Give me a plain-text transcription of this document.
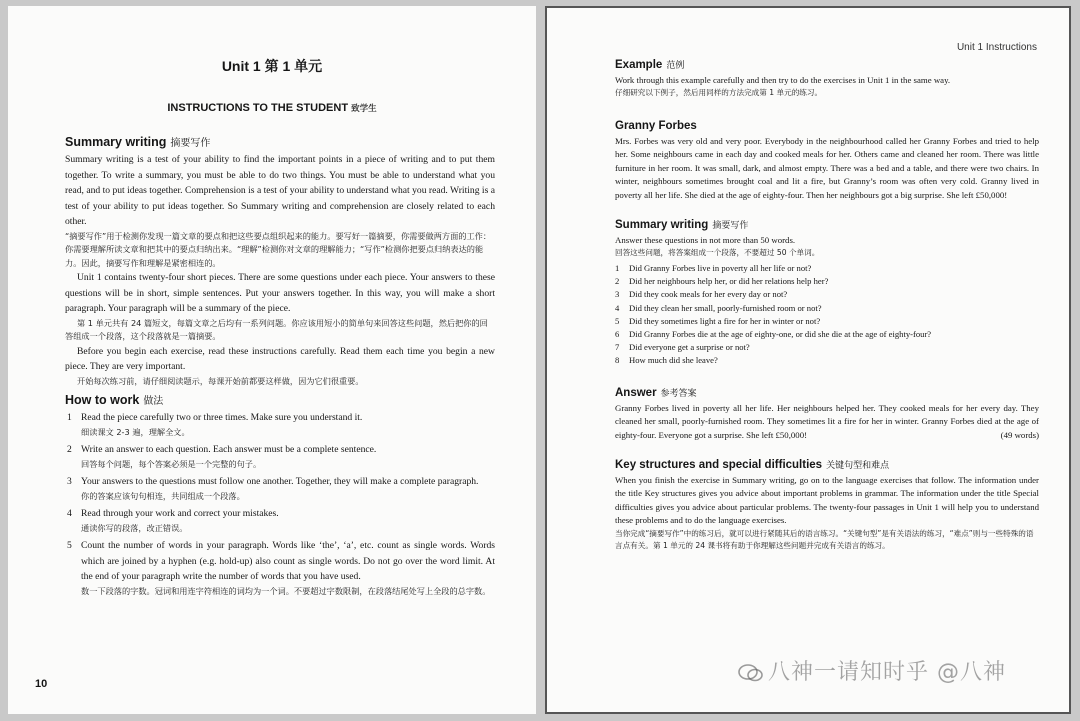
Unit 1 第 1 单元
INSTRUCTIONS TO THE STUDENT 致学生
Summary writing 摘要写作

Summary writing is a test of your ability to find the important points in a piece of writing and to put them together. To write a summary, you must be able to do two things. You must be able to understand what you read, and to put ideas together. Comprehension is a test of your ability to understand what you read. Writing is a test of your ability to put ideas together. So Summary writing and comprehension are closely related to each other.

“摘要写作”用于检测你发现一篇文章的要点和把这些要点组织起来的能力。要写好一篇摘要，你需要做两方面的工作：你需要理解所读文章和把其中的要点归纳出来。“理解”检测你对文章的理解能力；“写作”检测你把要点归纳表达的能力。因此，摘要写作和理解是紧密相连的。

Unit 1 contains twenty-four short pieces. There are some questions under each piece. Your answers to these questions will be in short, simple sentences. Put your answers together. In this way, you will make a short paragraph. Your paragraph will be a summary of the piece.

第 1 单元共有 24 篇短文，每篇文章之后均有一系列问题。你应该用短小的简单句来回答这些问题，然后把你的回答组成一个段落，这个段落就是一篇摘要。

Before you begin each exercise, read these instructions carefully. Read them each time you begin a new piece. They are very important.

开始每次练习前，请仔细阅读题示，每课开始前都要这样做，因为它们很重要。

How to work 做法
1 Read the piece carefully two or three times. Make sure you understand it.

细读课文 2-3 遍，理解全文。

2 Write an answer to each question. Each answer must be a complete sentence.

回答每个问题，每个答案必须是一个完整的句子。

3 Your answers to the questions must follow one another. Together, they will make a complete paragraph.

你的答案应该句句相连，共同组成一个段落。

4 Read through your work and correct your mistakes.

通读你写的段落，改正错误。

5 Count the number of words in your paragraph. Words like ‘the’, ‘a’, etc. count as single words. Words which are joined by a hyphen (e.g. hold-up) also count as single words. Do not go over the word limit. At the end of your paragraph write the number of words that you have used.

数一下段落的字数。冠词和用连字符相连的词均为一个词。不要超过字数限制，在段落结尾处写上全段的总字数。

10
Unit 1 Instructions
Example 范例

Work through this example carefully and then try to do the exercises in Unit 1 in the same way.

仔细研究以下例子，然后用同样的方法完成第 1 单元的练习。

Granny Forbes

Mrs. Forbes was very old and very poor. Everybody in the neighbourhood called her Granny Forbes and tried to help her. Some neighbours came in each day and cooked meals for her. Others came and cleaned her room. There was little furniture in her room. It was small, dark, and almost empty. There was a bed and a table, and there were two chairs. In winter, neighbours sometimes brought coal and lit a fire, but Granny’s room was often very cold. Granny lived in poverty all her life. She died at the age of eighty-four. Then her neighbours got a big surprise. She left £50,000!

Summary writing 摘要写作

Answer these questions in not more than 50 words.

回答这些问题，将答案组成一个段落，不要超过 50 个单词。

1 Did Granny Forbes live in poverty all her life or not?
2 Did her neighbours help her, or did her relations help her?
3 Did they cook meals for her every day or not?
4 Did they clean her small, poorly-furnished room or not?
5 Did they sometimes light a fire for her in winter or not?
6 Did Granny Forbes die at the age of eighty-one, or did she die at the age of eighty-four?
7 Did everyone get a surprise or not?
8 How much did she leave?
Answer 参考答案

Granny Forbes lived in poverty all her life. Her neighbours helped her. They cooked meals for her every day. They cleaned her small, poorly-furnished room. They sometimes lit a fire for her in winter. Granny Forbes died at the age of eighty-four. Everyone got a surprise. She left £50,000!	(49 words)

Key structures and special difficulties 关键句型和难点

When you finish the exercise in Summary writing, go on to the language exercises that follow. The information under the title Key structures gives you advice about important problems in grammar. The information under the title Special difficulties gives you advice about particular problems. The twenty-four passages in Unit 1 will help you to understand these problems and to do the language exercises.

当你完成“摘要写作”中的练习后，就可以进行紧随其后的语言练习。“关键句型”是有关语法的练习，“难点”则与一些特殊的语言点有关。第 1 单元的 24 课书将有助于你理解这些问题并完成有关语言的练习。

八神一请知时乎 @八神
